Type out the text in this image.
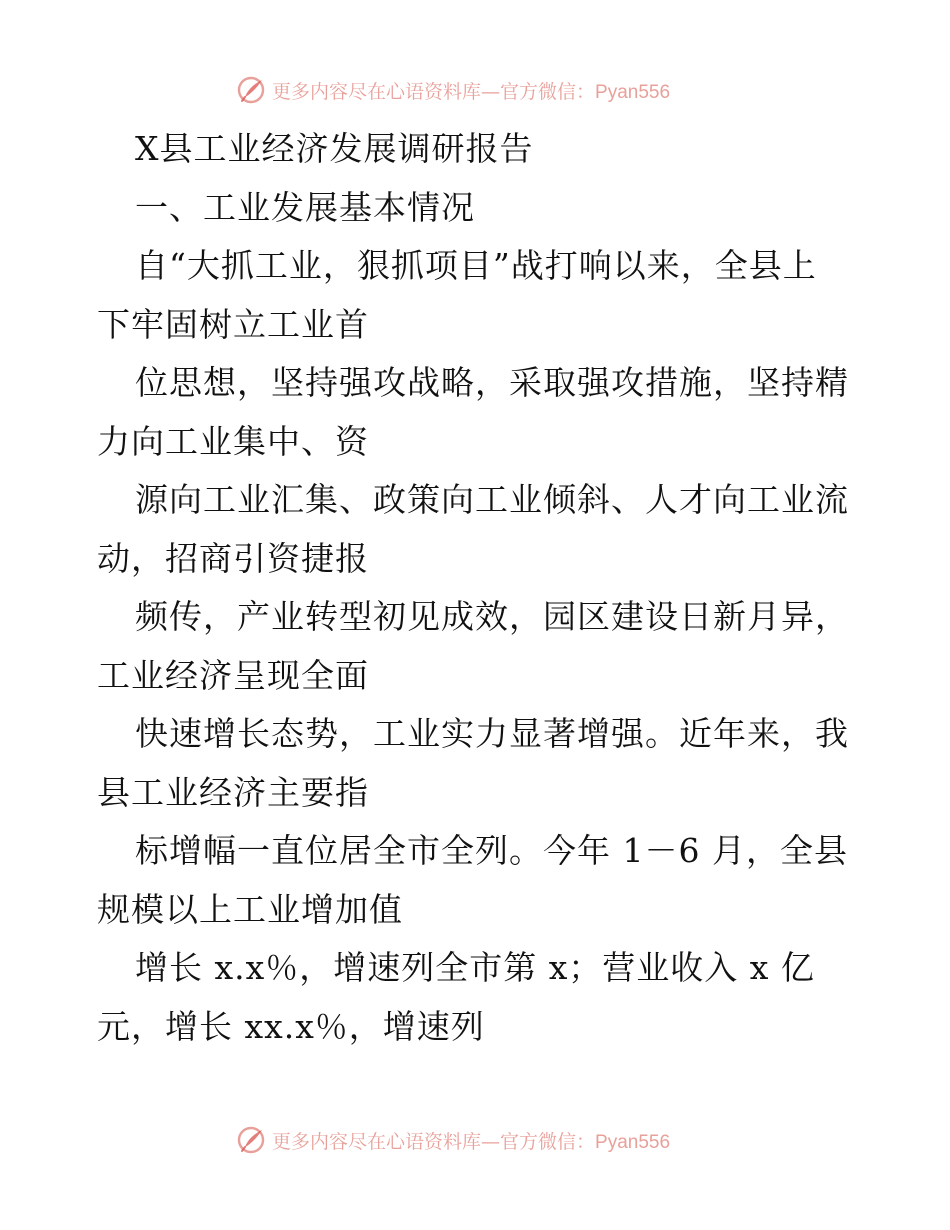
更多内容尽在心语资料库—官方微信：Pyan556
X县工业经济发展调研报告
一、工业发展基本情况
自“大抓工业，狠抓项目”战打响以来，全县上
下牢固树立工业首
位思想，坚持强攻战略，采取强攻措施，坚持精
力向工业集中、资
源向工业汇集、政策向工业倾斜、人才向工业流
动，招商引资捷报
频传，产业转型初见成效，园区建设日新月异，
工业经济呈现全面
快速增长态势，工业实力显著增强。近年来，我
县工业经济主要指
标增幅一直位居全市全列。今年 1－6 月，全县
规模以上工业增加值
增长 x.x％，增速列全市第 x；营业收入 x 亿
元，增长 xx.x％，增速列
更多内容尽在心语资料库—官方微信：Pyan556
